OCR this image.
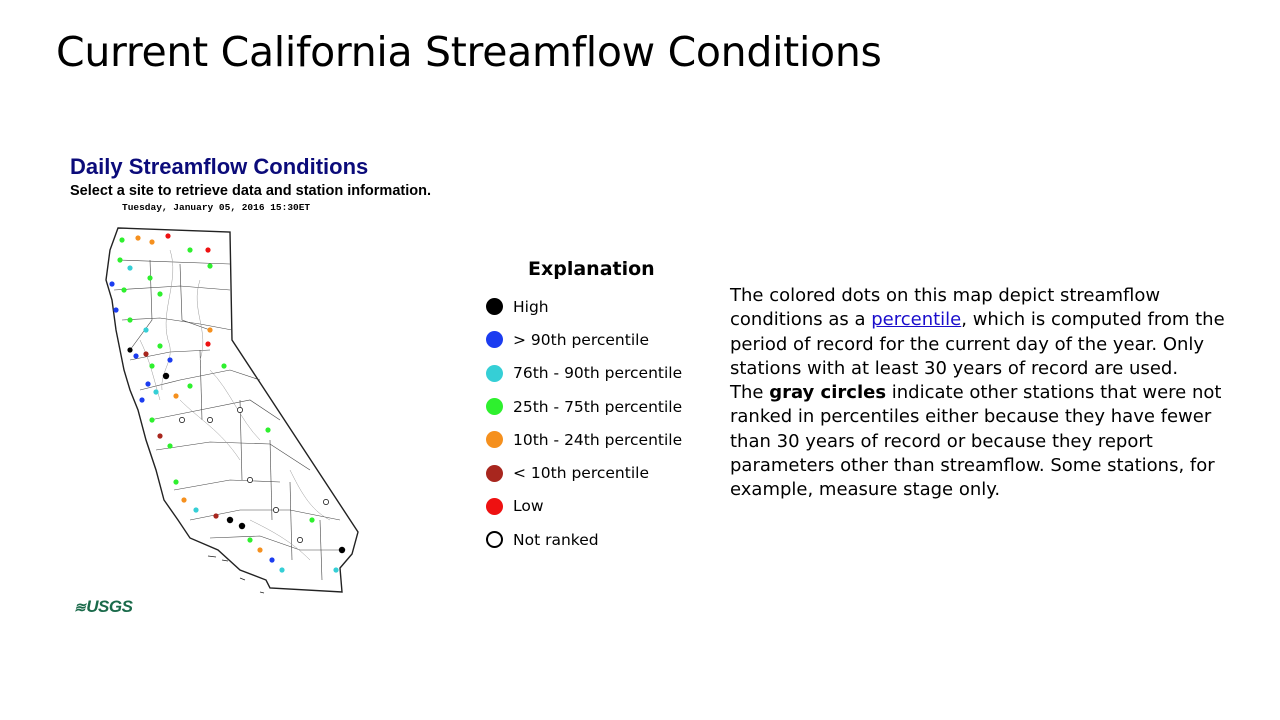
Current California Streamflow Conditions
Daily Streamflow Conditions
Select a site to retrieve data and station information.
Tuesday, January 05, 2016 15:30ET
≋USGS
Explanation
High
> 90th percentile
76th - 90th percentile
25th - 75th percentile
10th - 24th percentile
< 10th percentile
Low
Not ranked

The colored dots on this map depict streamflow conditions as a percentile, which is computed from the period of record for the current day of the year. Only stations with at least 30 years of record are used.

The gray circles indicate other stations that were not ranked in percentiles either because they have fewer than 30 years of record or because they report parameters other than streamflow. Some stations, for example, measure stage only.
